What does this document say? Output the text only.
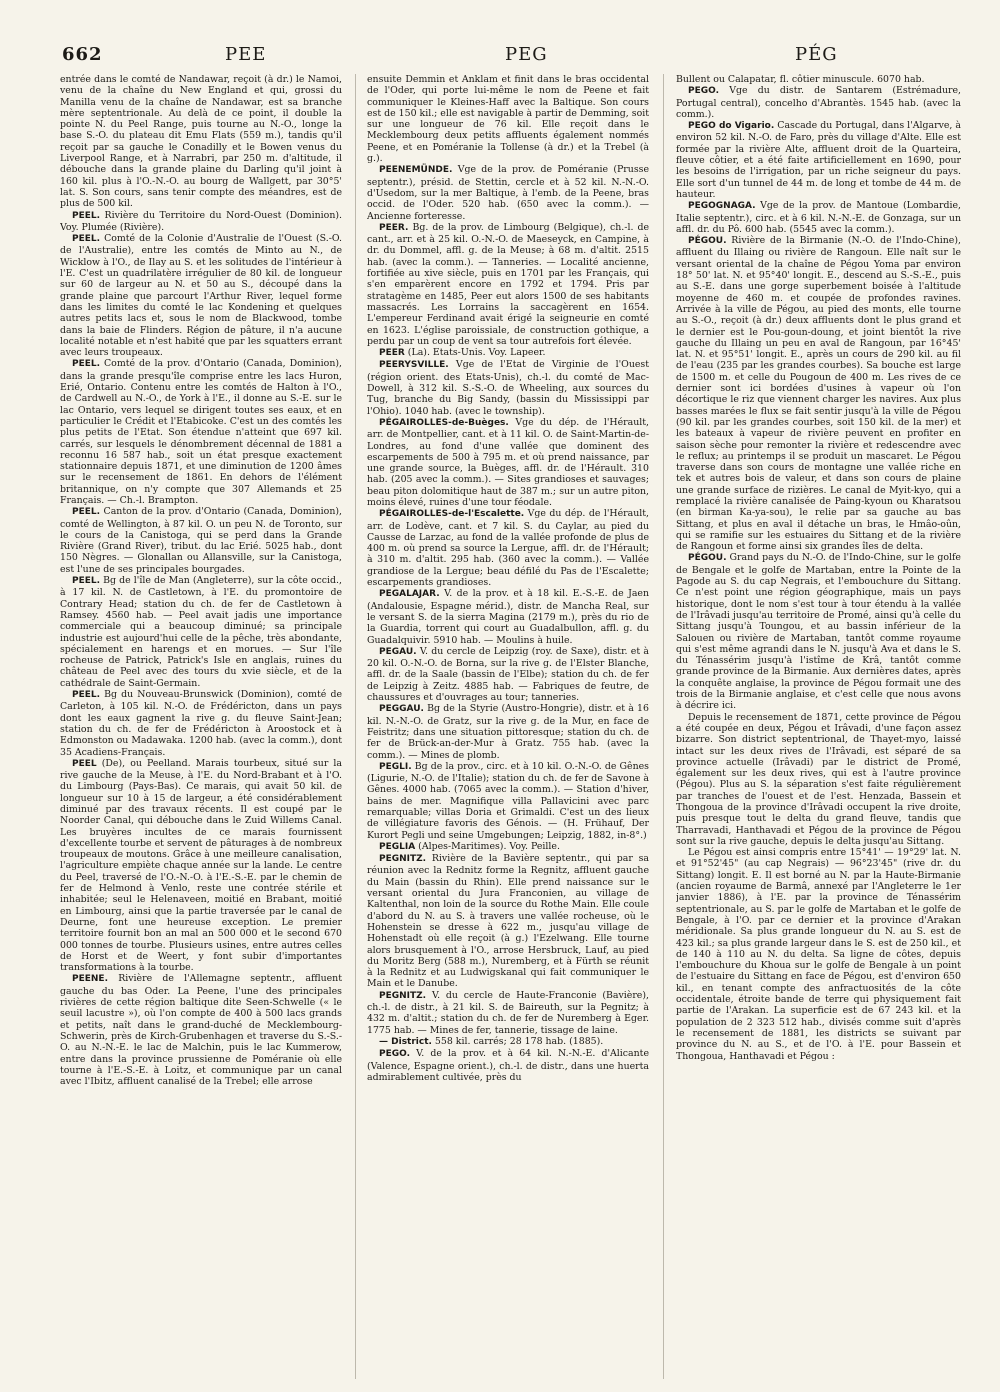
662	PEE	PEG	PÉG

entrée dans le comté de Nandawar, reçoit (à dr.) le Namoi, venu de la chaîne du New England et qui, grossi du Manilla venu de la chaîne de Nandawar, est sa branche mère septentrionale. Au delà de ce point, il double la pointe N. du Peel Range, puis tourne au N.-O., longe la base S.-O. du plateau dit Emu Flats (559 m.), tandis qu'il reçoit par sa gauche le Conadilly et le Bowen venus du Liverpool Range, et à Narrabri, par 250 m. d'altitude, il débouche dans la grande plaine du Darling qu'il joint à 160 kil. plus à l'O.-N.-O. au bourg de Wallgett, par 30°5' lat. S. Son cours, sans tenir compte des méandres, est de plus de 500 kil.

PEEL. Rivière du Territoire du Nord-Ouest (Dominion). Voy. Plumée (Rivière).

PEEL. Comté de la Colonie d'Australie de l'Ouest (S.-O. de l'Australie), entre les comtés de Minto au N., de Wicklow à l'O., de Ilay au S. et les solitudes de l'intérieur à l'E. C'est un quadrilatère irrégulier de 80 kil. de longueur sur 60 de largeur au N. et 50 au S., découpé dans la grande plaine que parcourt l'Arthur River, lequel forme dans les limites du comté le lac Kondening et quelques autres petits lacs et, sous le nom de Blackwood, tombe dans la baie de Flinders. Région de pâture, il n'a aucune localité notable et n'est habité que par les squatters errant avec leurs troupeaux.

PEEL. Comté de la prov. d'Ontario (Canada, Dominion), dans la grande presqu'île comprise entre les lacs Huron, Erié, Ontario. Contenu entre les comtés de Halton à l'O., de Cardwell au N.-O., de York à l'E., il donne au S.-E. sur le lac Ontario, vers lequel se dirigent toutes ses eaux, et en particulier le Crédit et l'Etabicoke. C'est un des comtés les plus petits de l'Etat. Son étendue n'atteint que 697 kil. carrés, sur lesquels le dénombrement décennal de 1881 a reconnu 16 587 hab., soit un état presque exactement stationnaire depuis 1871, et une diminution de 1200 âmes sur le recensement de 1861. En dehors de l'élément britannique, on n'y compte que 307 Allemands et 25 Français. — Ch.-l. Brampton.

PEEL. Canton de la prov. d'Ontario (Canada, Dominion), comté de Wellington, à 87 kil. O. un peu N. de Toronto, sur le cours de la Canistoga, qui se perd dans la Grande Rivière (Grand River), tribut. du lac Erié. 5025 hab., dont 150 Nègres. — Glonallan ou Allansville, sur la Canistoga, est l'une de ses principales bourgades.

PEEL. Bg de l'île de Man (Angleterre), sur la côte occid., à 17 kil. N. de Castletown, à l'E. du promontoire de Contrary Head; station du ch. de fer de Castletown à Ramsey. 4560 hab. — Peel avait jadis une importance commerciale qui a beaucoup diminué; sa principale industrie est aujourd'hui celle de la pêche, très abondante, spécialement en harengs et en morues. — Sur l'île rocheuse de Patrick, Patrick's Isle en anglais, ruines du château de Peel avec des tours du xvie siècle, et de la cathédrale de Saint-Germain.

PEEL. Bg du Nouveau-Brunswick (Dominion), comté de Carleton, à 105 kil. N.-O. de Frédéricton, dans un pays dont les eaux gagnent la rive g. du fleuve Saint-Jean; station du ch. de fer de Frédéricton à Aroostock et à Edmonston ou Madawaka. 1200 hab. (avec la comm.), dont 35 Acadiens-Français.

PEEL (De), ou Peelland. Marais tourbeux, situé sur la rive gauche de la Meuse, à l'E. du Nord-Brabant et à l'O. du Limbourg (Pays-Bas). Ce marais, qui avait 50 kil. de longueur sur 10 à 15 de largeur, a été considérablement diminué par des travaux récents. Il est coupé par le Noorder Canal, qui débouche dans le Zuid Willems Canal. Les bruyères incultes de ce marais fournissent d'excellente tourbe et servent de pâturages à de nombreux troupeaux de moutons. Grâce à une meilleure canalisation, l'agriculture empiète chaque année sur la lande. Le centre du Peel, traversé de l'O.-N.-O. à l'E.-S.-E. par le chemin de fer de Helmond à Venlo, reste une contrée stérile et inhabitée; seul le Helenaveen, moitié en Brabant, moitié en Limbourg, ainsi que la partie traversée par le canal de Deurne, font une heureuse exception. Le premier territoire fournit bon an mal an 500 000 et le second 670 000 tonnes de tourbe. Plusieurs usines, entre autres celles de Horst et de Weert, y font subir d'importantes transformations à la tourbe.

PEENE. Rivière de l'Allemagne septentr., affluent gauche du bas Oder. La Peene, l'une des principales rivières de cette région baltique dite Seen-Schwelle (« le seuil lacustre »), où l'on compte de 400 à 500 lacs grands et petits, naît dans le grand-duché de Mecklembourg-Schwerin, près de Kirch-Grubenhagen et traverse du S.-S.-O. au N.-N.-E. le lac de Malchin, puis le lac Kummerow, entre dans la province prussienne de Poméranie où elle tourne à l'E.-S.-E. à Loitz, et communique par un canal avec l'Ibitz, affluent canalisé de la Trebel; elle arrose

ensuite Demmin et Anklam et finit dans le bras occidental de l'Oder, qui porte lui-même le nom de Peene et fait communiquer le Kleines-Haff avec la Baltique. Son cours est de 150 kil.; elle est navigable à partir de Demming, soit sur une longueur de 76 kil. Elle reçoit dans le Mecklembourg deux petits affluents également nommés Peene, et en Poméranie la Tollense (à dr.) et la Trebel (à g.).

PEENEMÜNDE. Vge de la prov. de Poméranie (Prusse septentr.), présid. de Stettin, cercle et à 52 kil. N.-N.-O. d'Usedom, sur la mer Baltique, à l'emb. de la Peene, bras occid. de l'Oder. 520 hab. (650 avec la comm.). — Ancienne forteresse.

PEER. Bg. de la prov. de Limbourg (Belgique), ch.-l. de cant., arr. et à 25 kil. O.-N.-O. de Maeseyck, en Campine, à dr. du Dommel, affl. g. de la Meuse; à 68 m. d'altit. 2515 hab. (avec la comm.). — Tanneries. — Localité ancienne, fortifiée au xive siècle, puis en 1701 par les Français, qui s'en emparèrent encore en 1792 et 1794. Pris par stratagème en 1485, Peer eut alors 1500 de ses habitants massacrés. Les Lorrains la saccagèrent en 1654. L'empereur Ferdinand avait érigé la seigneurie en comté en 1623. L'église paroissiale, de construction gothique, a perdu par un coup de vent sa tour autrefois fort élevée.

PEER (La). Etats-Unis. Voy. Lapeer.

PEERYSVILLE. Vge de l'Etat de Virginie de l'Ouest (région orient. des Etats-Unis), ch.-l. du comté de Mac-Dowell, à 312 kil. S.-S.-O. de Wheeling, aux sources du Tug, branche du Big Sandy, (bassin du Mississippi par l'Ohio). 1040 hab. (avec le township).

PÉGAIROLLES-de-Buèges. Vge du dép. de l'Hérault, arr. de Montpellier, cant. et à 11 kil. O. de Saint-Martin-de-Londres, au fond d'une vallée que dominent des escarpements de 500 à 795 m. et où prend naissance, par une grande source, la Buèges, affl. dr. de l'Hérault. 310 hab. (205 avec la comm.). — Sites grandioses et sauvages; beau piton dolomitique haut de 387 m.; sur un autre piton, moins élevé, ruines d'une tour féodale.

PÉGAIROLLES-de-l'Escalette. Vge du dép. de l'Hérault, arr. de Lodève, cant. et 7 kil. S. du Caylar, au pied du Causse de Larzac, au fond de la vallée profonde de plus de 400 m. où prend sa source la Lergue, affl. dr. de l'Hérault; à 310 m. d'altit. 295 hab. (360 avec la comm.). — Vallée grandiose de la Lergue; beau défilé du Pas de l'Escalette; escarpements grandioses.

PEGALAJAR. V. de la prov. et à 18 kil. E.-S.-E. de Jaen (Andalousie, Espagne mérid.), distr. de Mancha Real, sur le versant S. de la sierra Magina (2179 m.), près du rio de la Guardia, torrent qui court au Guadalbullon, affl. g. du Guadalquivir. 5910 hab. — Moulins à huile.

PEGAU. V. du cercle de Leipzig (roy. de Saxe), distr. et à 20 kil. O.-N.-O. de Borna, sur la rive g. de l'Elster Blanche, affl. dr. de la Saale (bassin de l'Elbe); station du ch. de fer de Leipzig à Zeitz. 4885 hab. — Fabriques de feutre, de chaussures et d'ouvrages au tour; tanneries.

PEGGAU. Bg de la Styrie (Austro-Hongrie), distr. et à 16 kil. N.-N.-O. de Gratz, sur la rive g. de la Mur, en face de Feistritz; dans une situation pittoresque; station du ch. de fer de Brück-an-der-Mur à Gratz. 755 hab. (avec la comm.). — Mines de plomb.

PEGLI. Bg de la prov., circ. et à 10 kil. O.-N.-O. de Gênes (Ligurie, N.-O. de l'Italie); station du ch. de fer de Savone à Gênes. 4000 hab. (7065 avec la comm.). — Station d'hiver, bains de mer. Magnifique villa Pallavicini avec parc remarquable; villas Doria et Grimaldi. C'est un des lieux de villégiature favoris des Génois. — (H. Frühauf, Der Kurort Pegli und seine Umgebungen; Leipzig, 1882, in-8°.)

PEGLIA (Alpes-Maritimes). Voy. Peille.

PEGNITZ. Rivière de la Bavière septentr., qui par sa réunion avec la Rednitz forme la Regnitz, affluent gauche du Main (bassin du Rhin). Elle prend naissance sur le versant oriental du Jura Franconien, au village de Kaltenthal, non loin de la source du Rothe Main. Elle coule d'abord du N. au S. à travers une vallée rocheuse, où le Hohenstein se dresse à 622 m., jusqu'au village de Hohenstadt où elle reçoit (à g.) l'Ezelwang. Elle tourne alors brusquement à l'O., arrose Hersbruck, Lauf, au pied du Moritz Berg (588 m.), Nuremberg, et à Fürth se réunit à la Rednitz et au Ludwigskanal qui fait communiquer le Main et le Danube.

PEGNITZ. V. du cercle de Haute-Franconie (Bavière), ch.-l. de distr., à 21 kil. S. de Baireuth, sur la Pegnitz; à 432 m. d'altit.; station du ch. de fer de Nuremberg à Eger. 1775 hab. — Mines de fer, tannerie, tissage de laine.

— District. 558 kil. carrés; 28 178 hab. (1885).

PEGO. V. de la prov. et à 64 kil. N.-N.-E. d'Alicante (Valence, Espagne orient.), ch.-l. de distr., dans une huerta admirablement cultivée, près du

Bullent ou Calapatar, fl. côtier minuscule. 6070 hab.

PEGO. Vge du distr. de Santarem (Estrémadure, Portugal central), concelho d'Abrantès. 1545 hab. (avec la comm.).

PEGO do Vigario. Cascade du Portugal, dans l'Algarve, à environ 52 kil. N.-O. de Faro, près du village d'Alte. Elle est formée par la rivière Alte, affluent droit de la Quarteira, fleuve côtier, et a été faite artificiellement en 1690, pour les besoins de l'irrigation, par un riche seigneur du pays. Elle sort d'un tunnel de 44 m. de long et tombe de 44 m. de hauteur.

PEGOGNAGA. Vge de la prov. de Mantoue (Lombardie, Italie septentr.), circ. et à 6 kil. N.-N.-E. de Gonzaga, sur un affl. dr. du Pô. 600 hab. (5545 avec la comm.).

PÉGOU. Rivière de la Birmanie (N.-O. de l'Indo-Chine), affluent du Illaing ou rivière de Rangoun. Elle naît sur le versant oriental de la chaîne de Pégou Yoma par environ 18° 50' lat. N. et 95°40' longit. E., descend au S.-S.-E., puis au S.-E. dans une gorge superbement boisée à l'altitude moyenne de 460 m. et coupée de profondes ravines. Arrivée à la ville de Pégou, au pied des monts, elle tourne au S.-O., reçoit (à dr.) deux affluents dont le plus grand et le dernier est le Pou-goun-doung, et joint bientôt la rive gauche du Illaing un peu en aval de Rangoun, par 16°45' lat. N. et 95°51' longit. E., après un cours de 290 kil. au fil de l'eau (235 par les grandes courbes). Sa bouche est large de 1500 m. et celle du Pougoun de 400 m. Les rives de ce dernier sont ici bordées d'usines à vapeur où l'on décortique le riz que viennent charger les navires. Aux plus basses marées le flux se fait sentir jusqu'à la ville de Pégou (90 kil. par les grandes courbes, soit 150 kil. de la mer) et les bateaux à vapeur de rivière peuvent en profiter en saison sèche pour remonter la rivière et redescendre avec le reflux; au printemps il se produit un mascaret. Le Pégou traverse dans son cours de montagne une vallée riche en tek et autres bois de valeur, et dans son cours de plaine une grande surface de rizières. Le canal de Myit-kyo, qui a remplacé la rivière canalisée de Paing-kyoun ou Kharatsou (en birman Ka-ya-sou), le relie par sa gauche au bas Sittang, et plus en aval il détache un bras, le Hmâo-oûn, qui se ramifie sur les estuaires du Sittang et de la rivière de Rangoun et forme ainsi six grandes îles de delta.

PÉGOU. Grand pays du N.-O. de l'Indo-Chine, sur le golfe de Bengale et le golfe de Martaban, entre la Pointe de la Pagode au S. du cap Negrais, et l'embouchure du Sittang. Ce n'est point une région géographique, mais un pays historique, dont le nom s'est tour à tour étendu à la vallée de l'Irâvadi jusqu'au territoire de Promé, ainsi qu'à celle du Sittang jusqu'à Toungou, et au bassin inférieur de la Salouen ou rivière de Martaban, tantôt comme royaume qui s'est même agrandi dans le N. jusqu'à Ava et dans le S. du Ténassérim jusqu'à l'istîme de Krâ, tantôt comme grande province de la Birmanie. Aux dernières dates, après la conquête anglaise, la province de Pégou formait une des trois de la Birmanie anglaise, et c'est celle que nous avons à décrire ici.

Depuis le recensement de 1871, cette province de Pégou a été coupée en deux, Pégou et Irâvadi, d'une façon assez bizarre. Son district septentrional, de Thayet-myo, laissé intact sur les deux rives de l'Irâvadi, est séparé de sa province actuelle (Irâvadi) par le district de Promé, également sur les deux rives, qui est à l'autre province (Pégou). Plus au S. la séparation s'est faite régulièrement par tranches de l'ouest et de l'est. Henzada, Bassein et Thongoua de la province d'Irâvadi occupent la rive droite, puis presque tout le delta du grand fleuve, tandis que Tharravadi, Hanthavadi et Pégou de la province de Pégou sont sur la rive gauche, depuis le delta jusqu'au Sittang.

Le Pégou est ainsi compris entre 15°41' — 19°29' lat. N. et 91°52'45" (au cap Negrais) — 96°23'45" (rive dr. du Sittang) longit. E. Il est borné au N. par la Haute-Birmanie (ancien royaume de Barmâ, annexé par l'Angleterre le 1er janvier 1886), à l'E. par la province de Ténassérim septentrionale, au S. par le golfe de Martaban et le golfe de Bengale, à l'O. par ce dernier et la province d'Arakan méridionale. Sa plus grande longueur du N. au S. est de 423 kil.; sa plus grande largeur dans le S. est de 250 kil., et de 140 à 110 au N. du delta. Sa ligne de côtes, depuis l'embouchure du Khoua sur le golfe de Bengale à un point de l'estuaire du Sittang en face de Pégou, est d'environ 650 kil., en tenant compte des anfractuosités de la côte occidentale, étroite bande de terre qui physiquement fait partie de l'Arakan. La superficie est de 67 243 kil. et la population de 2 323 512 hab., divisés comme suit d'après le recensement de 1881, les districts se suivant par province du N. au S., et de l'O. à l'E. pour Bassein et Thongoua, Hanthavadi et Pégou :
